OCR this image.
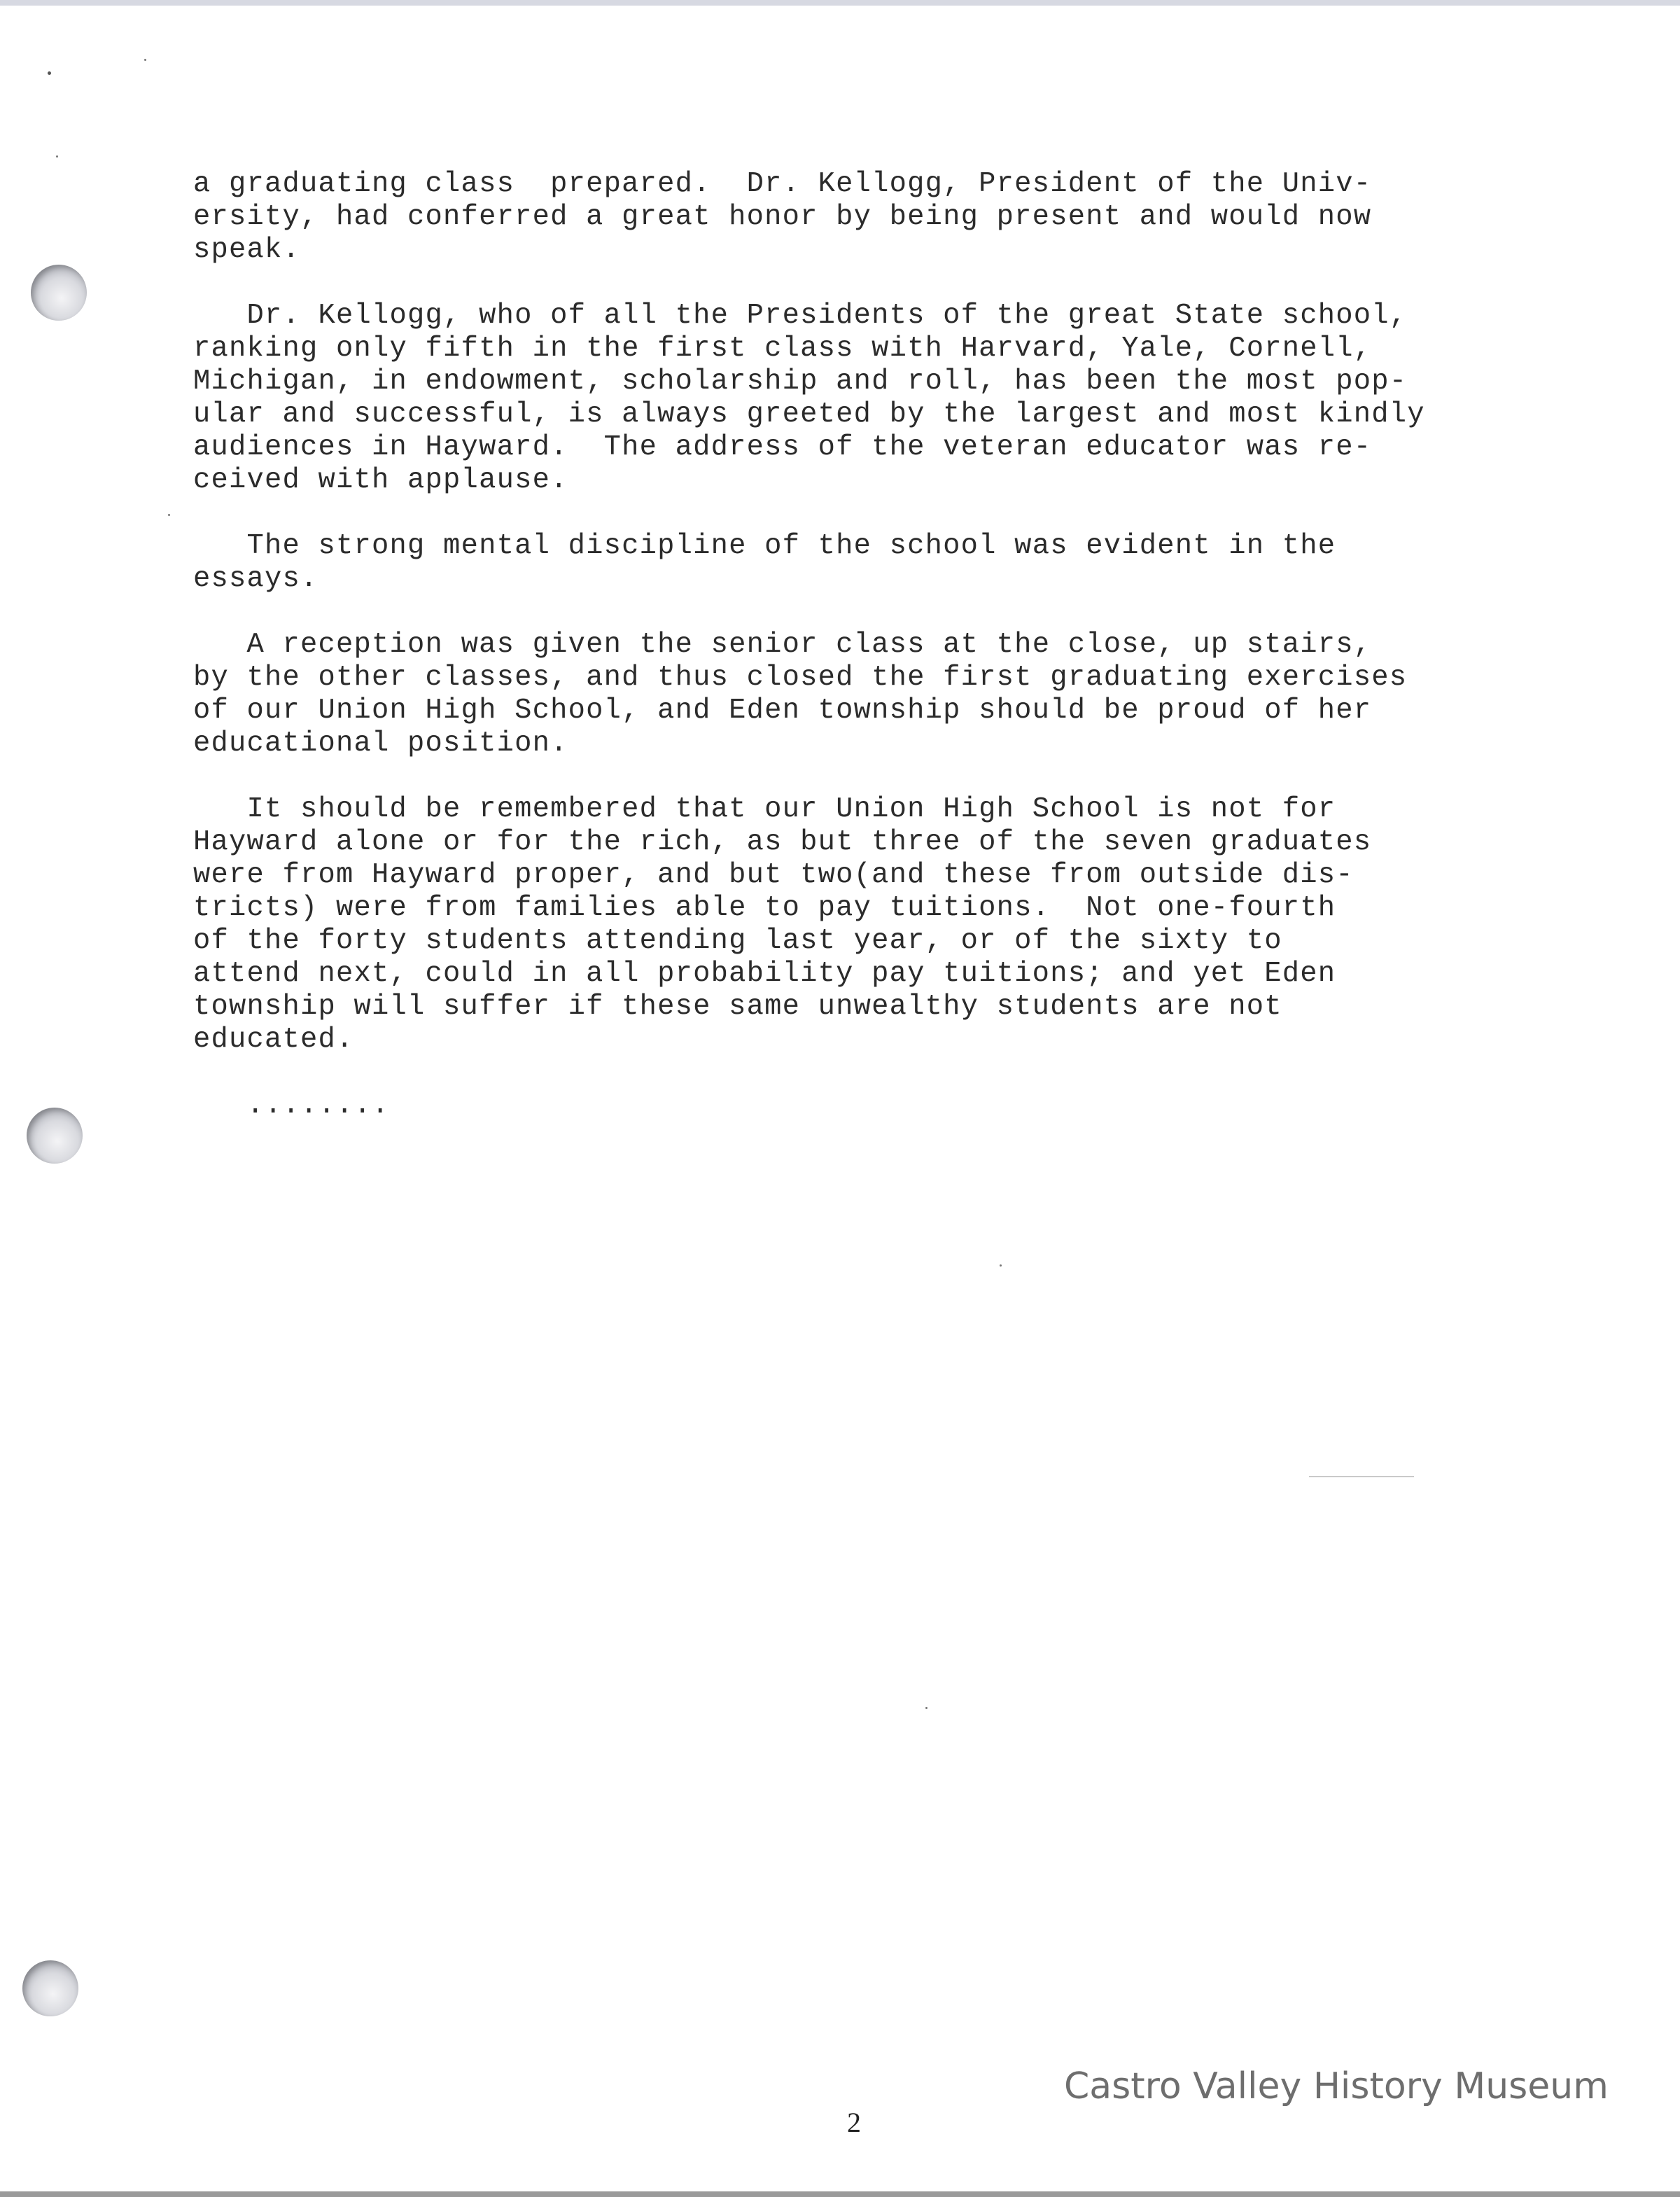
a graduating class  prepared.  Dr. Kellogg, President of the Univ-
ersity, had conferred a great honor by being present and would now
speak.

Dr. Kellogg, who of all the Presidents of the great State school,
ranking only fifth in the first class with Harvard, Yale, Cornell,
Michigan, in endowment, scholarship and roll, has been the most pop-
ular and successful, is always greeted by the largest and most kindly
audiences in Hayward.  The address of the veteran educator was re-
ceived with applause.

The strong mental discipline of the school was evident in the
essays.

A reception was given the senior class at the close, up stairs,
by the other classes, and thus closed the first graduating exercises
of our Union High School, and Eden township should be proud of her
educational position.

It should be remembered that our Union High School is not for
Hayward alone or for the rich, as but three of the seven graduates
were from Hayward proper, and but two(and these from outside dis-
tricts) were from families able to pay tuitions.  Not one-fourth
of the forty students attending last year, or of the sixty to
attend next, could in all probability pay tuitions; and yet Eden
township will suffer if these same unwealthy students are not
educated.

........

Castro Valley History Museum
2
